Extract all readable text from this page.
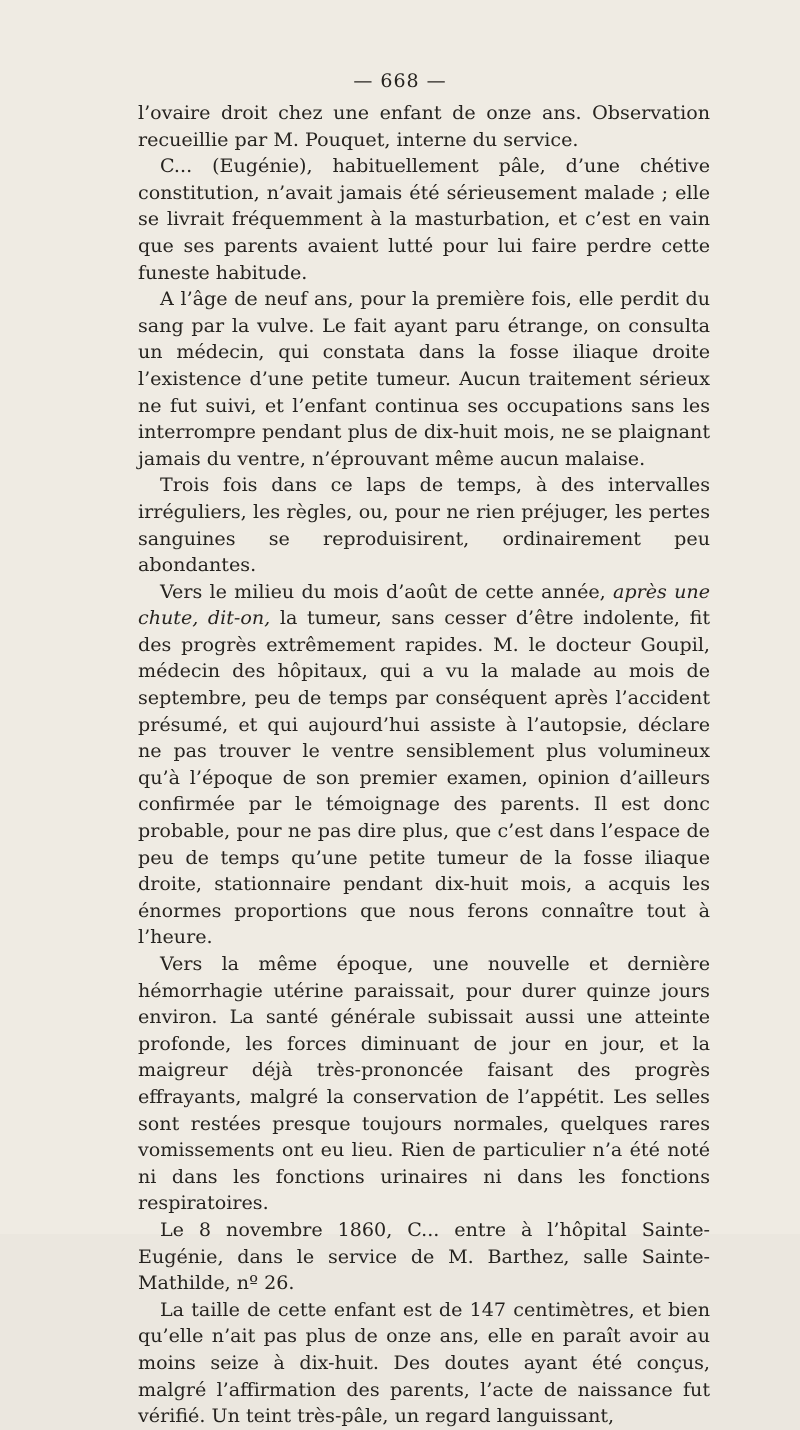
— 668 —

l’ovaire droit chez une enfant de onze ans. Observation recueillie par M. Pouquet, interne du service.

C... (Eugénie), habituellement pâle, d’une chétive constitution, n’avait jamais été sérieusement malade ; elle se livrait fréquemment à la masturbation, et c’est en vain que ses parents avaient lutté pour lui faire perdre cette funeste habitude.

A l’âge de neuf ans, pour la première fois, elle perdit du sang par la vulve. Le fait ayant paru étrange, on consulta un médecin, qui constata dans la fosse iliaque droite l’existence d’une petite tumeur. Aucun traitement sérieux ne fut suivi, et l’enfant continua ses occupations sans les interrompre pendant plus de dix-huit mois, ne se plaignant jamais du ventre, n’éprouvant même aucun malaise.

Trois fois dans ce laps de temps, à des intervalles irréguliers, les règles, ou, pour ne rien préjuger, les pertes sanguines se reproduisirent, ordinairement peu abondantes.

Vers le milieu du mois d’août de cette année, après une chute, dit-on, la tumeur, sans cesser d’être indolente, fit des progrès extrêmement rapides. M. le docteur Goupil, médecin des hôpitaux, qui a vu la malade au mois de septembre, peu de temps par conséquent après l’accident présumé, et qui aujourd’hui assiste à l’autopsie, déclare ne pas trouver le ventre sensiblement plus volumineux qu’à l’époque de son premier examen, opinion d’ailleurs confirmée par le témoignage des parents. Il est donc probable, pour ne pas dire plus, que c’est dans l’espace de peu de temps qu’une petite tumeur de la fosse iliaque droite, stationnaire pendant dix-huit mois, a acquis les énormes proportions que nous ferons connaître tout à l’heure.

Vers la même époque, une nouvelle et dernière hémorrhagie utérine paraissait, pour durer quinze jours environ. La santé générale subissait aussi une atteinte profonde, les forces diminuant de jour en jour, et la maigreur déjà très-prononcée faisant des progrès effrayants, malgré la conservation de l’appétit. Les selles sont restées presque toujours normales, quelques rares vomissements ont eu lieu. Rien de particulier n’a été noté ni dans les fonctions urinaires ni dans les fonctions respiratoires.

Le 8 novembre 1860, C... entre à l’hôpital Sainte-Eugénie, dans le service de M. Barthez, salle Sainte-Mathilde, nº 26.

La taille de cette enfant est de 147 centimètres, et bien qu’elle n’ait pas plus de onze ans, elle en paraît avoir au moins seize à dix-huit. Des doutes ayant été conçus, malgré l’affirmation des parents, l’acte de naissance fut vérifié. Un teint très-pâle, un regard languissant,
